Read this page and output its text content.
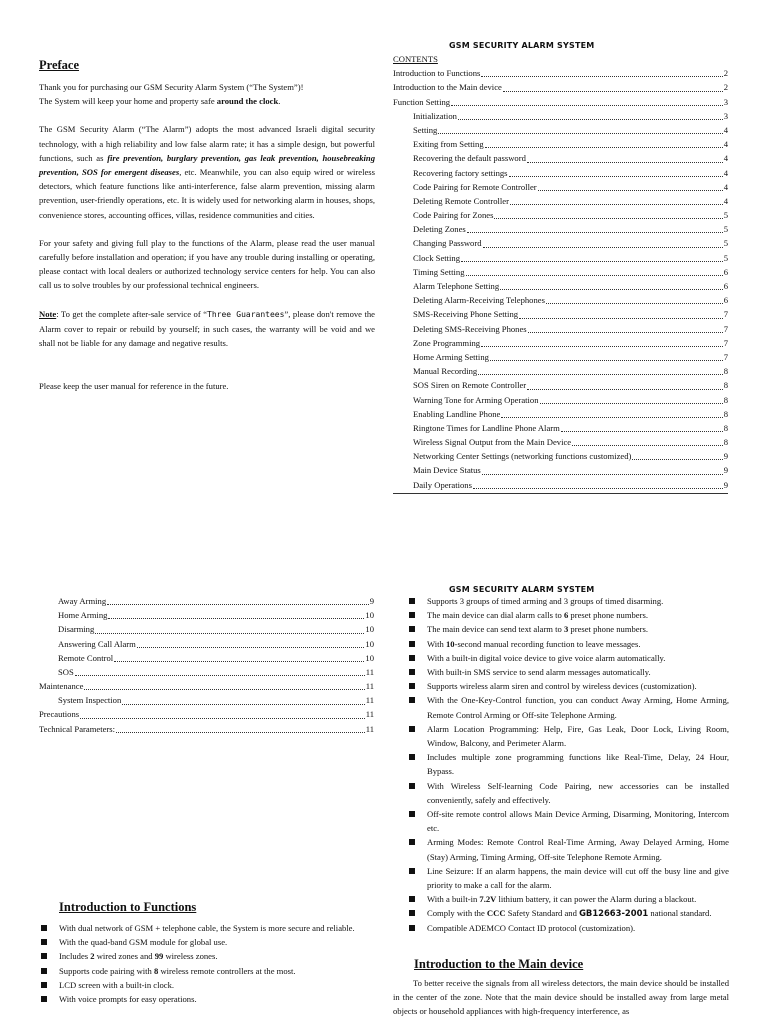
GSM SECURITY ALARM SYSTEM
Preface

Thank you for purchasing our GSM Security Alarm System (“The System”)!
The System will keep your home and property safe around the clock.

The GSM Security Alarm (“The Alarm”) adopts the most advanced Israeli digital security technology, with a high reliability and low false alarm rate; it has a simple design, but powerful functions, such as fire prevention, burglary prevention, gas leak prevention, housebreaking prevention, SOS for emergent diseases, etc. Meanwhile, you can also equip wired or wireless detectors, which feature functions like anti-interference, false alarm prevention, missing alarm prevention, user-friendly operations, etc. It is widely used for networking alarm in houses, shops, convenience stores, accounting offices, villas, residence communities and cities.

For your safety and giving full play to the functions of the Alarm, please read the user manual carefully before installation and operation; if you have any trouble during installing or operating, please contact with local dealers or authorized technology service centers for help. You can also call us to solve troubles by our professional technical engineers.

Note: To get the complete after-sale service of “Three Guarantees”, please don't remove the Alarm cover to repair or rebuild by yourself; in such cases, the warranty will be void and we shall not be liable for any damage and negative results.

Please keep the user manual for reference in the future.

CONTENTS
Introduction to Functions	2
Introduction to the Main device	2
Function Setting	3
Initialization	3
Setting	4
Exiting from Setting	4
Recovering the default password	4
Recovering factory settings	4
Code Pairing for Remote Controller	4
Deleting Remote Controller	4
Code Pairing for Zones	5
Deleting Zones	5
Changing Password	5
Clock Setting	5
Timing Setting	6
Alarm Telephone Setting	6
Deleting Alarm-Receiving Telephones	6
SMS-Receiving Phone Setting	7
Deleting SMS-Receiving Phones	7
Zone Programming	7
Home Arming Setting	7
Manual Recording	8
SOS Siren on Remote Controller	8
Warning Tone for Arming Operation	8
Enabling Landline Phone	8
Ringtone Times for Landline Phone Alarm	8
Wireless Signal Output from the Main Device	8
Networking Center Settings (networking functions customized)	9
Main Device Status	9
Daily Operations	9
GSM SECURITY ALARM SYSTEM
Away Arming	9
Home Arming	10
Disarming	10
Answering Call Alarm	10
Remote Control	10
SOS	11
Maintenance	11
System Inspection	11
Precautions	11
Technical Parameters:	11
Introduction to Functions
With dual network of GSM + telephone cable, the System is more secure and reliable.
With the quad-band GSM module for global use.
Includes 2 wired zones and 99 wireless zones.
Supports code pairing with 8 wireless remote controllers at the most.
LCD screen with a built-in clock.
With voice prompts for easy operations.
Supports 3 groups of timed arming and 3 groups of timed disarming.
The main device can dial alarm calls to 6 preset phone numbers.
The main device can send text alarm to 3 preset phone numbers.
With 10-second manual recording function to leave messages.
With a built-in digital voice device to give voice alarm automatically.
With built-in SMS service to send alarm messages automatically.
Supports wireless alarm siren and control by wireless devices (customization).
With the One-Key-Control function, you can conduct Away Arming, Home Arming, Remote Control Arming or Off-site Telephone Arming.
Alarm Location Programming: Help, Fire, Gas Leak, Door Lock, Living Room, Window, Balcony, and Perimeter Alarm.
Includes multiple zone programming functions like Real-Time, Delay, 24 Hour, Bypass.
With Wireless Self-learning Code Pairing, new accessories can be installed conveniently, safely and effectively.
Off-site remote control allows Main Device Arming, Disarming, Monitoring, Intercom etc.
Arming Modes: Remote Control Real-Time Arming, Away Delayed Arming, Home (Stay) Arming, Timing Arming, Off-site Telephone Remote Arming.
Line Seizure: If an alarm happens, the main device will cut off the busy line and give priority to make a call for the alarm.
With a built-in 7.2V lithium battery, it can power the Alarm during a blackout.
Comply with the CCC Safety Standard and GB12663-2001 national standard.
Compatible ADEMCO Contact ID protocol (customization).
Introduction to the Main device

To better receive the signals from all wireless detectors, the main device should be installed in the center of the zone. Note that the main device should be installed away from large metal objects or household appliances with high-frequency interference, as
